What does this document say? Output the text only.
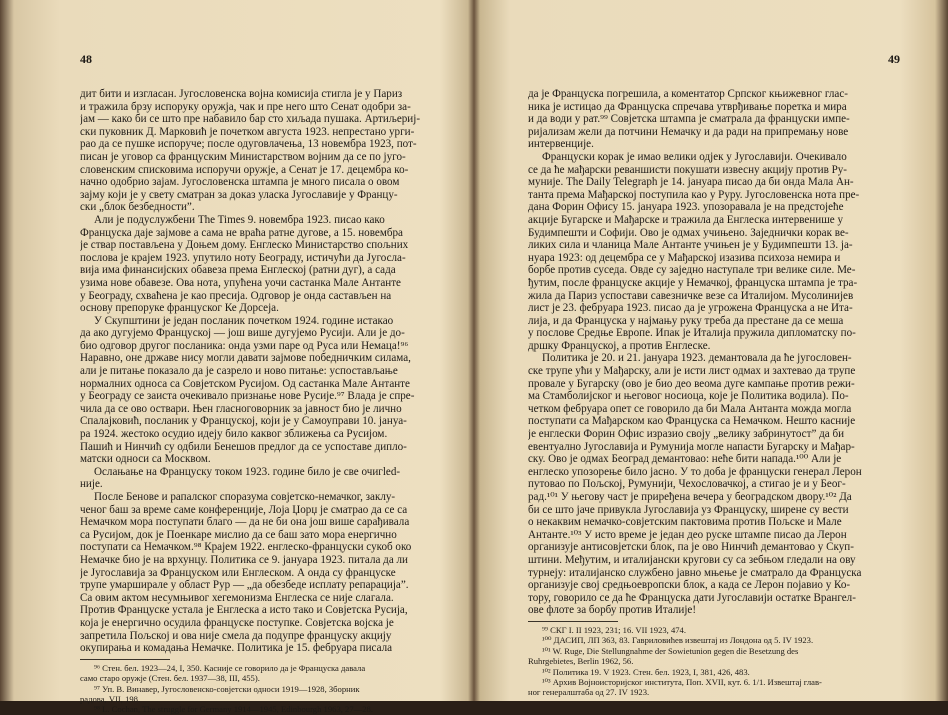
48
дит бити и изгласан. Југословенска војна комисија стигла је у Париз
и тражила брзу испоруку оружја, чак и пре него што Сенат одобри за-
јам — како би се што пре набавило бар сто хиљада пушака. Артиљериј-
ски пуковник Д. Марковић је почетком августа 1923. непрестано урги-
рао да се пушке испоруче; после одуговлачења, 13 новембра 1923, пот-
писан је уговор са француским Министарством војним да се по југо-
словенским списковима испоручи оружје, а Сенат је 17. децембра ко-
начно одобрио зајам. Југословенска штампа је много писала о овом
зајму који је у свету сматран за доказ уласка Југославије у Францу-
ски „блок безбедности”.
Али је подуслужбени The Times 9. новембра 1923. писао како
Француска даје зајмове а сама не враћа ратне дугове, а 15. новембра
је ствар постављена у Доњем дому. Енглеско Министарство спољних
послова је крајем 1923. упутило ноту Београду, истичући да Југосла-
вија има финансијских обавеза према Енглеској (ратни дуг), а сада
узима нове обавезе. Ова нота, упућена уочи састанка Мале Антанте
у Београду, схваћена је као пресија. Одговор је онда састављен на
основу препоруке француског Ке Дорсеја.
У Скупштини је један посланик почетком 1924. године истакао
да ако дугујемо Француској — још више дугујемо Русији. Али је до-
био одговор другог посланика: онда узми паре од Руса или Немаца!⁹⁶
Наравно, оне државе нису могли давати зајмове победничким силама,
али је питање показало да је сазрело и ново питање: успостављање
нормалних односа са Совјетском Русијом. Од састанка Мале Антанте
у Београду се заиста очекивало признање нове Русије.⁹⁷ Влада је спре-
чила да се ово оствари. Њен гласноговорник за јавност био је лично
Спалајковић, посланик у Француској, који је у Самоуправи 10. јануа-
ра 1924. жестоко осудио идеју било каквог зближења са Русијом.
Пашић и Нинчић су одбили Бенешов предлог да се успоставе дипло-
матски односи са Москвом.
Ослањање на Француску током 1923. године било је све очигled-
није.
После Бенове и рапалског споразума совјетско-немачког, заклу-
ченог баш за време саме конференције, Лоја Џорџ је сматрао да се са
Немачком мора поступати благо — да не би она још више сарађивала
са Русијом, док је Поенкаре мислио да се баш зато мора енергично
поступати са Немачком.⁹⁸ Крајем 1922. енглеско-француски сукоб око
Немачке био је на врхунцу. Политика се 9. јануара 1923. питала да ли
је Југославија за Француском или Енглеском. А онда су француске
трупе умарширале у област Рур — „да обезбеде исплату репарација”.
Са овим актом несумњивог хегемонизма Енглеска се није слагала.
Против Француске устала је Енглеска а исто тако и Совјетска Русија,
која је енергично осудила француске поступке. Совјетска војска је
запретила Пољској и ова није смела да подупре француску акцију
окупирања и комадања Немачке. Политика је 15. фебруара писала
⁹⁶ Стен. бел. 1923—24, I, 350. Касније се говорило да је Француска давала
само старо оружје (Стен. бел. 1937—38, III, 455).
⁹⁷ Уп. В. Винавер, Југословенско-совјетски односи 1919—1928, Зборник
радова, VII, 198.
⁹⁸ L. Cochan, The struggle for Germany 1914—1945, Edinbourgh 1963, 27—28.
49
да је Француска погрешила, а коментатор Српског књижевног глас-
ника је истицао да Француска спречава утврђивање поретка и мира
и да води у рат.⁹⁹ Совјетска штампа је сматрала да француски импе-
ријализам жели да потчини Немачку и да ради на припремању нове
интервенције.
Француски корак је имао велики одјек у Југославији. Очекивало
се да ће мађарски реваншисти покушати извесну акцију против Ру-
муније. The Daily Telegraph је 14. јануара писао да би онда Мала Ан-
танта према Мађарској поступила као у Руру. Југословенска нота пре-
дана Форин Офису 15. јануара 1923. упозоравала је на предстојеће
акције Бугарске и Мађарске и тражила да Енглеска интервенише у
Будимпешти и Софији. Ово је одмах учињено. Заједнички корак ве-
ликих сила и чланица Мале Антанте учињен је у Будимпешти 13. ја-
нуара 1923: од децембра се у Мађарској изазива психоза немира и
борбе против суседа. Овде су заједно наступале три велике силе. Ме-
ђутим, после француске акције у Немачкој, француска штампа је тра-
жила да Париз успостави савезничке везе са Италијом. Мусолинијев
лист је 23. фебруара 1923. писао да је угрожена Француска а не Ита-
лија, и да Француска у најмању руку треба да престане да се меша
у послове Средње Европе. Ипак је Италија пружила дипломатску по-
дршку Француској, а против Енглеске.
Политика је 20. и 21. јануара 1923. демантовала да ће југословен-
ске трупе ући у Мађарску, али је исти лист одмах и захтевао да трупе
провале у Бугарску (ово је био део веома дуге кампање против режи-
ма Стамболијског и његовог носиоца, које је Политика водила). По-
четком фебруара опет се говорило да би Мала Антанта можда могла
поступати са Мађарском као Француска са Немачком. Нешто касније
је енглески Форин Офис изразио своју „велику забринутост” да би
евентуално Југославија и Румунија могле напасти Бугарску и Мађар-
ску. Ово је одмах Београд демантовао: неће бити напада.¹⁰⁰ Али је
енглеско упозорење било јасно. У то доба је француски генерал Лерон
путовао по Пољској, Румунији, Чехословачкој, а стигао је и у Беог-
рад.¹⁰¹ У његову част је приређена вечера у београдском двору.¹⁰² Да
би се што јаче привукла Југославија уз Француску, ширене су вести
о некаквим немачко-совјетским пактовима против Пољске и Мале
Антанте.¹⁰³ У исто време је један део руске штампе писао да Лерон
организује антисовјетски блок, па је ово Нинчић демантовао у Скуп-
штини. Међутим, и италијански кругови су са зебњом гледали на ову
турнеју: италијанско службено јавно мњење је сматрало да Француска
организује свој средњоевропски блок, а када се Лерон појавио у Ко-
тору, говорило се да ће Француска дати Југославији остатке Врангел-
ове флоте за борбу против Италије!
⁹⁹ СКГ I. II 1923, 231; 16. VII 1923, 474.
¹⁰⁰ ДАСИП, ЛП 363, 83. Гавриловићев извештај из Лондона од 5. IV 1923.
¹⁰¹ W. Ruge, Die Stellungnahme der Sowietunion gegen die Besetzung des
Ruhrgebietes, Berlin 1962, 56.
¹⁰² Политика 19. V 1923. Стен. бел. 1923, I, 381, 426, 483.
¹⁰³ Архив Војноисторијског института, Поп. XVII, кут. 6. 1/1. Извештај глав-
ног генералштаба од 27. IV 1923.
